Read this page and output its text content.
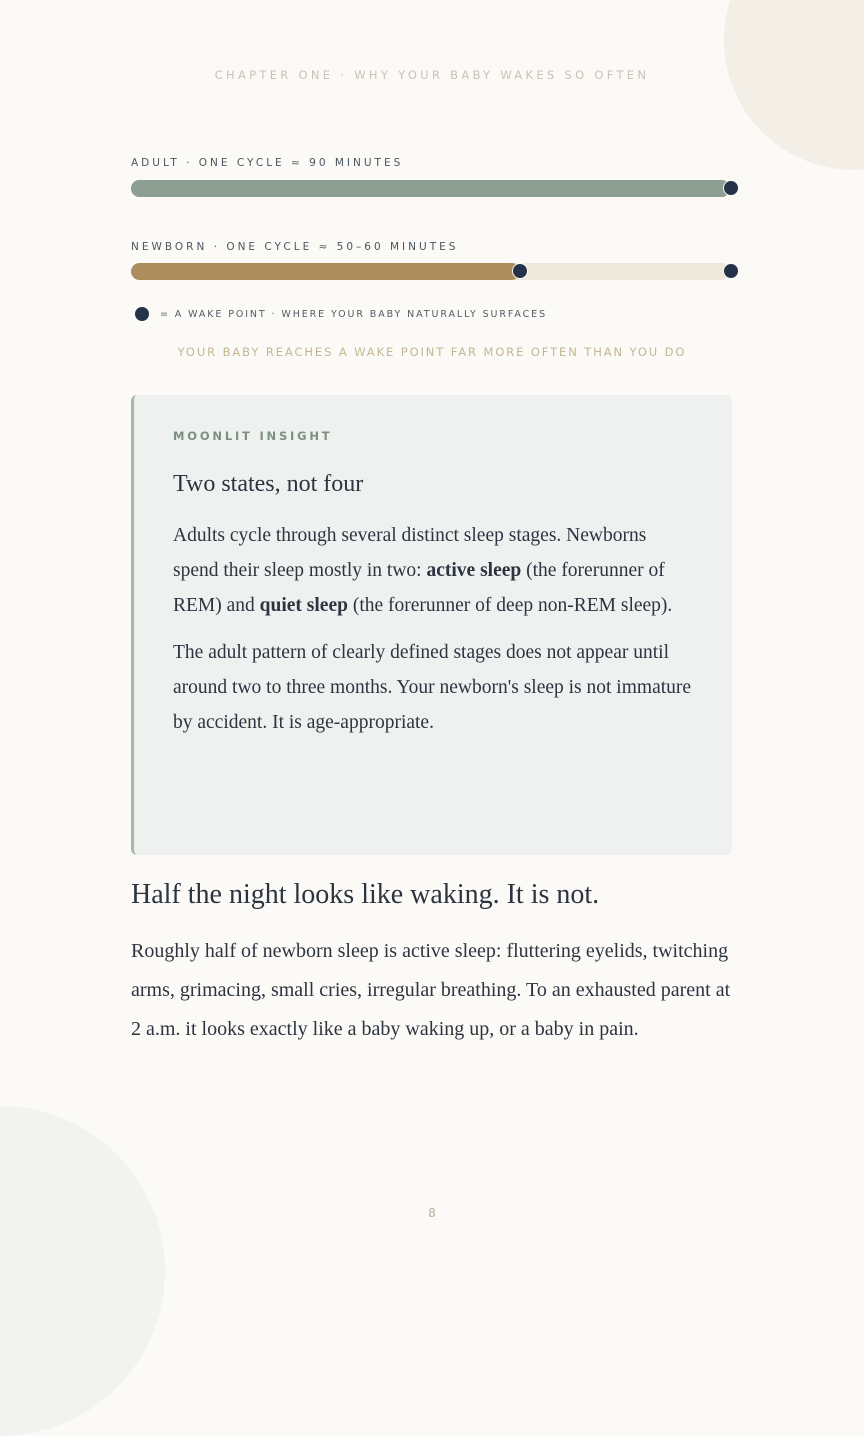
CHAPTER ONE · WHY YOUR BABY WAKES SO OFTEN
ADULT · ONE CYCLE ≈ 90 MINUTES
NEWBORN · ONE CYCLE ≈ 50–60 MINUTES
= A WAKE POINT · WHERE YOUR BABY NATURALLY SURFACES
YOUR BABY REACHES A WAKE POINT FAR MORE OFTEN THAN YOU DO
MOONLIT INSIGHT
Two states, not four

Adults cycle through several distinct sleep stages. Newborns spend their sleep mostly in two: active sleep (the forerunner of REM) and quiet sleep (the forerunner of deep non-REM sleep).

The adult pattern of clearly defined stages does not appear until around two to three months. Your newborn's sleep is not immature by accident. It is age-appropriate.

Half the night looks like waking. It is not.

Roughly half of newborn sleep is active sleep: fluttering eyelids, twitching arms, grimacing, small cries, irregular breathing. To an exhausted parent at 2 a.m. it looks exactly like a baby waking up, or a baby in pain.

8
